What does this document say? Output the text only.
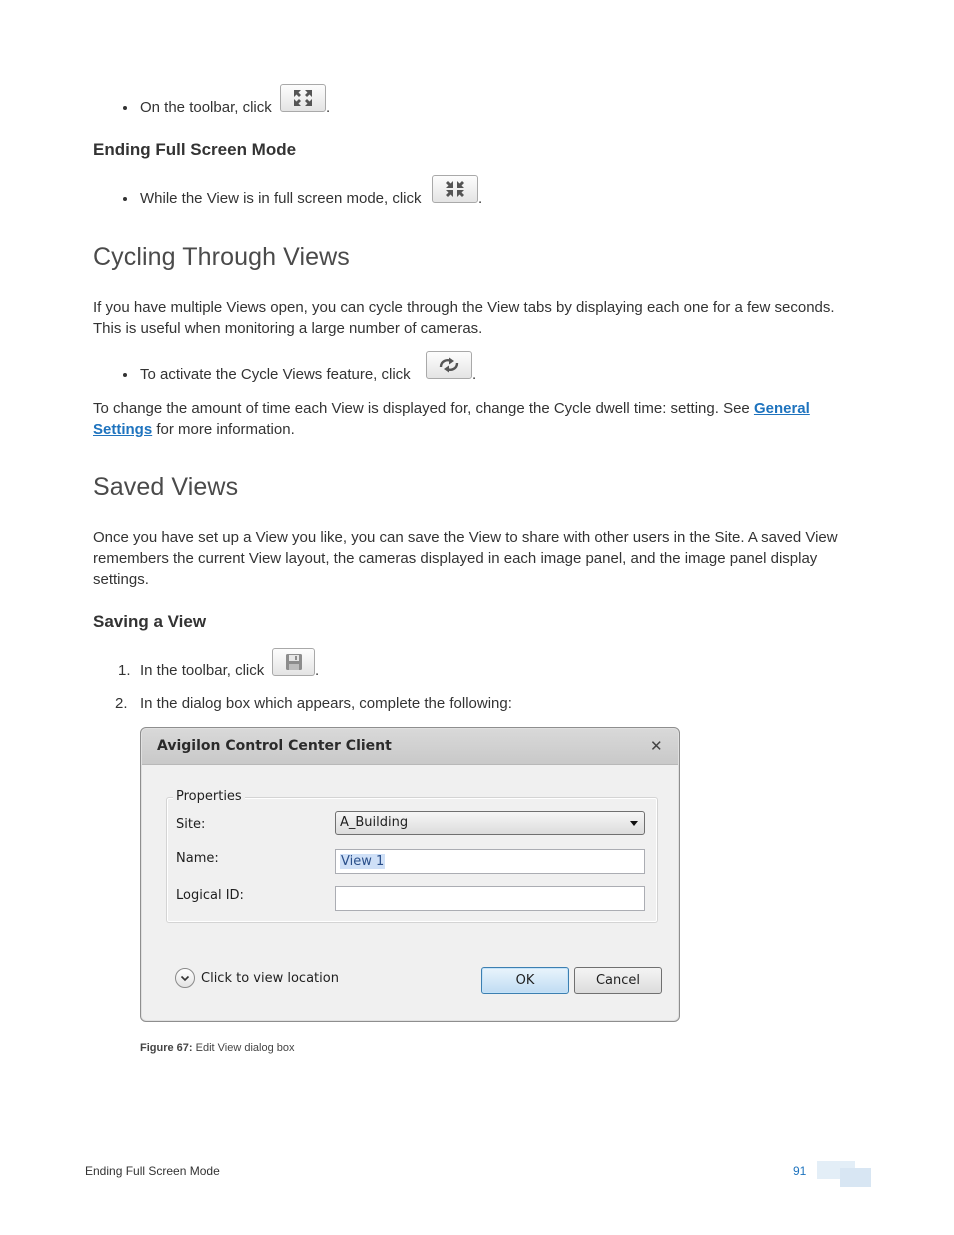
On the toolbar, click	.
Ending Full Screen Mode
While the View is in full screen mode, click	.
Cycling Through Views
If you have multiple Views open, you can cycle through the View tabs by displaying each one for a few seconds.
This is useful when monitoring a large number of cameras.
To activate the Cycle Views feature, click	.
To change the amount of time each View is displayed for, change the Cycle dwell time: setting. See General
Settings for more information.
Saved Views
Once you have set up a View you like, you can save the View to share with other users in the Site. A saved View
remembers the current View layout, the cameras displayed in each image panel, and the image panel display
settings.
Saving a View
1. In the toolbar, click	.
2. In the dialog box which appears, complete the following:
Avigilon Control Center Client	✕
Properties
Site:	A_Building
Name:	View 1
Logical ID:
Click to view location	OK	Cancel
Figure 67: Edit View dialog box
Ending Full Screen Mode	91
